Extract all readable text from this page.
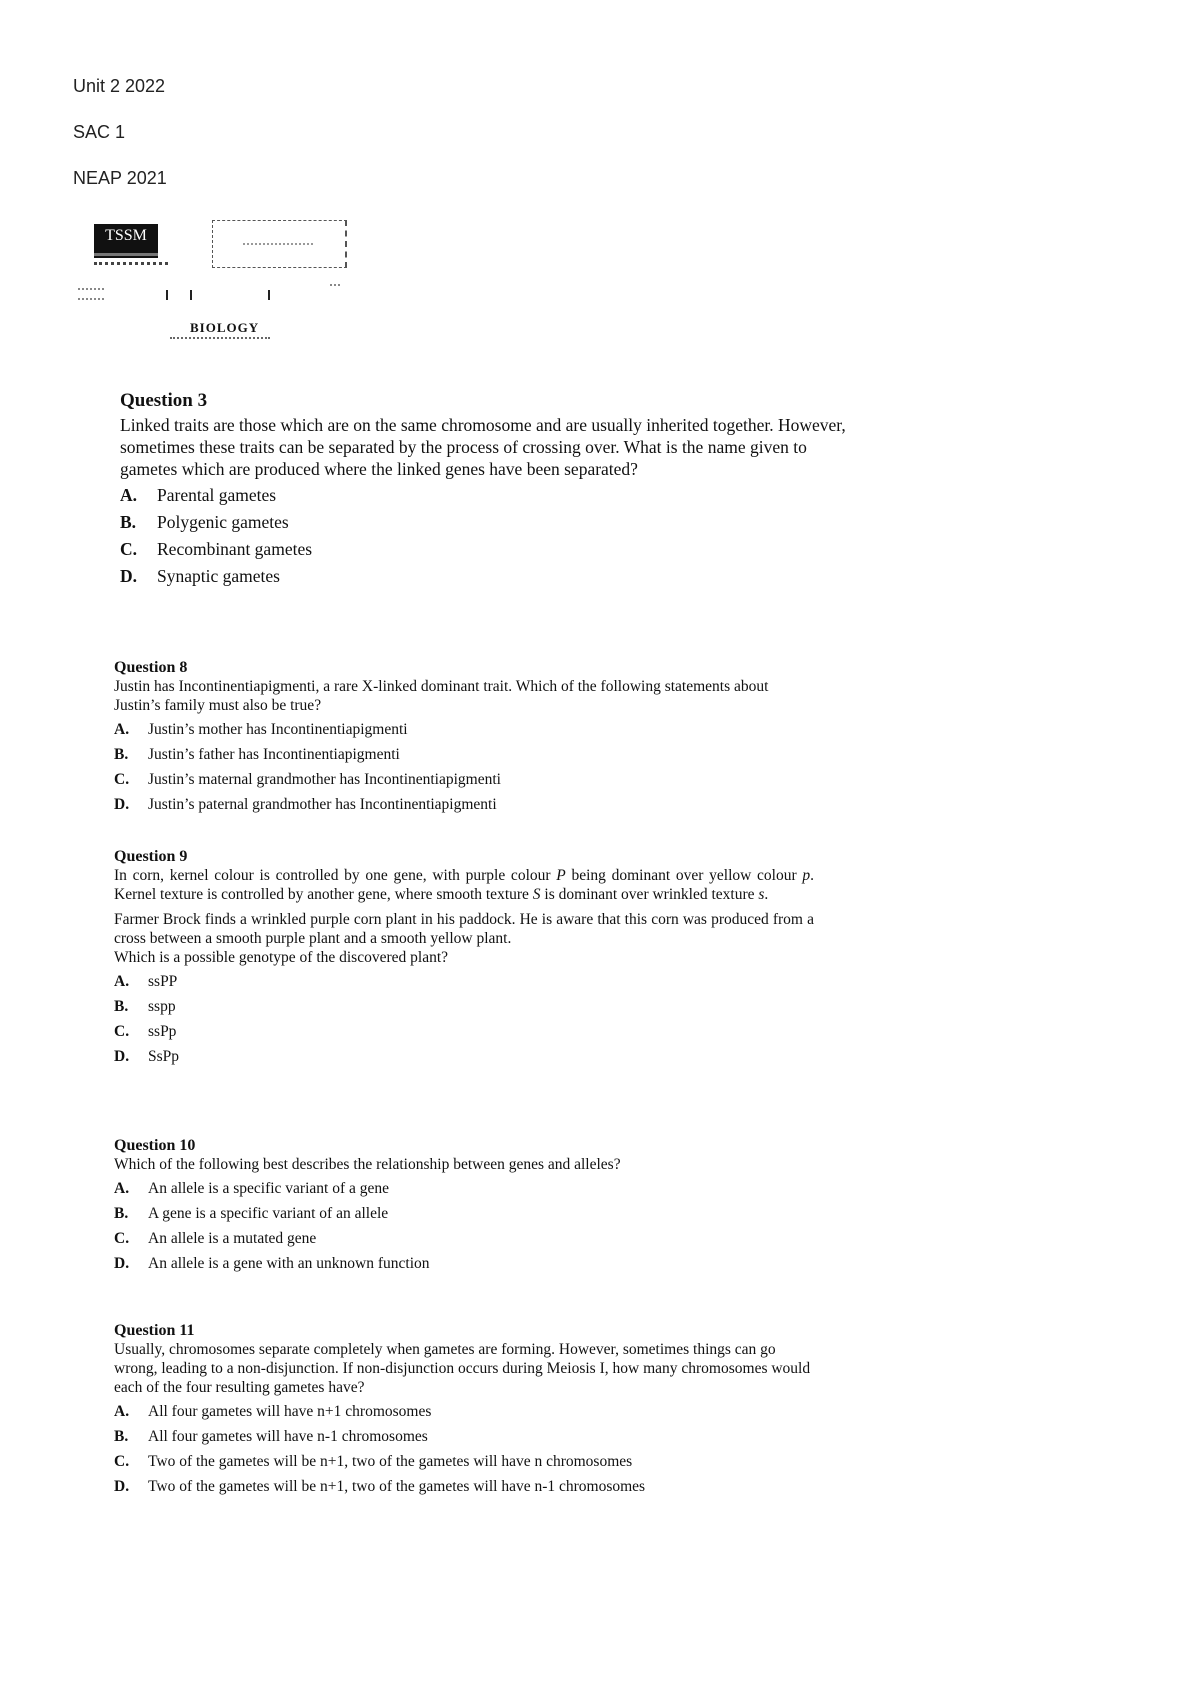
Unit 2 2022
SAC 1
NEAP 2021
TSSM
BIOLOGY
Question 3

Linked traits are those which are on the same chromosome and are usually inherited together. However, sometimes these traits can be separated by the process of crossing over. What is the name given to gametes which are produced where the linked genes have been separated?

A. Parental gametes
B. Polygenic gametes
C. Recombinant gametes
D. Synaptic gametes
Question 8

Justin has Incontinentiapigmenti, a rare X-linked dominant trait. Which of the following statements about Justin’s family must also be true?

A. Justin’s mother has Incontinentiapigmenti
B. Justin’s father has Incontinentiapigmenti
C. Justin’s maternal grandmother has Incontinentiapigmenti
D. Justin’s paternal grandmother has Incontinentiapigmenti
Question 9

In corn, kernel colour is controlled by one gene, with purple colour P being dominant over yellow colour p. Kernel texture is controlled by another gene, where smooth texture S is dominant over wrinkled texture s.

Farmer Brock finds a wrinkled purple corn plant in his paddock. He is aware that this corn was produced from a cross between a smooth purple plant and a smooth yellow plant.

Which is a possible genotype of the discovered plant?

A. ssPP
B. sspp
C. ssPp
D. SsPp
Question 10

Which of the following best describes the relationship between genes and alleles?

A. An allele is a specific variant of a gene
B. A gene is a specific variant of an allele
C. An allele is a mutated gene
D. An allele is a gene with an unknown function
Question 11

Usually, chromosomes separate completely when gametes are forming. However, sometimes things can go wrong, leading to a non-disjunction. If non-disjunction occurs during Meiosis I, how many chromosomes would each of the four resulting gametes have?

A. All four gametes will have n+1 chromosomes
B. All four gametes will have n-1 chromosomes
C. Two of the gametes will be n+1, two of the gametes will have n chromosomes
D. Two of the gametes will be n+1, two of the gametes will have n-1 chromosomes
